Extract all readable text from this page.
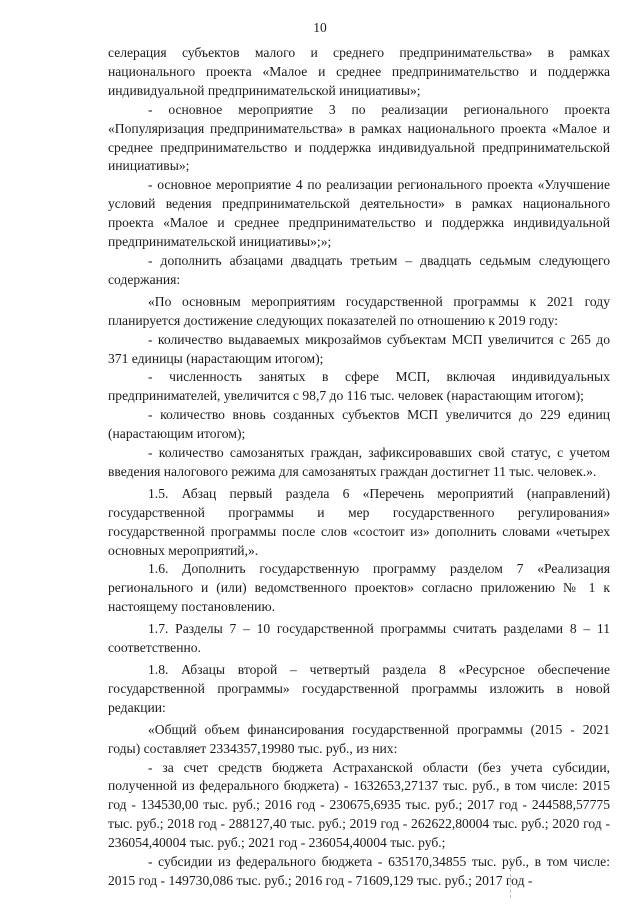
10

селерация субъектов малого и среднего предпринимательства» в рамках национального проекта «Малое и среднее предпринимательство и поддержка индивидуальной предпринимательской инициативы»;

- основное мероприятие 3 по реализации регионального проекта «Популяризация предпринимательства» в рамках национального проекта «Малое и среднее предпринимательство и поддержка индивидуальной предпринимательской инициативы»;

- основное мероприятие 4 по реализации регионального проекта «Улучшение условий ведения предпринимательской деятельности» в рамках национального проекта «Малое и среднее предпринимательство и поддержка индивидуальной предпринимательской инициативы»;»;

- дополнить абзацами двадцать третьим – двадцать седьмым следующего содержания:

«По основным мероприятиям государственной программы к 2021 году планируется достижение следующих показателей по отношению к 2019 году:

- количество выдаваемых микрозаймов субъектам МСП увеличится с 265 до 371 единицы (нарастающим итогом);

- численность занятых в сфере МСП, включая индивидуальных предпринимателей, увеличится с 98,7 до 116 тыс. человек (нарастающим итогом);

- количество вновь созданных субъектов МСП увеличится до 229 единиц (нарастающим итогом);

- количество самозанятых граждан, зафиксировавших свой статус, с учетом введения налогового режима для самозанятых граждан достигнет 11 тыс. человек.».

1.5. Абзац первый раздела 6 «Перечень мероприятий (направлений) государственной программы и мер государственного регулирования» государственной программы после слов «состоит из» дополнить словами «четырех основных мероприятий,».

1.6. Дополнить государственную программу разделом 7 «Реализация регионального и (или) ведомственного проектов» согласно приложению № 1 к настоящему постановлению.

1.7. Разделы 7 – 10 государственной программы считать разделами 8 – 11 соответственно.

1.8. Абзацы второй – четвертый раздела 8 «Ресурсное обеспечение государственной программы» государственной программы изложить в новой редакции:

«Общий объем финансирования государственной программы (2015 - 2021 годы) составляет 2334357,19980 тыс. руб., из них:

- за счет средств бюджета Астраханской области (без учета субсидии, полученной из федерального бюджета) - 1632653,27137 тыс. руб., в том числе: 2015 год - 134530,00 тыс. руб.; 2016 год - 230675,6935 тыс. руб.; 2017 год - 244588,57775 тыс. руб.; 2018 год - 288127,40 тыс. руб.; 2019 год - 262622,80004 тыс. руб.; 2020 год - 236054,40004 тыс. руб.; 2021 год - 236054,40004 тыс. руб.;

- субсидии из федерального бюджета - 635170,34855 тыс. руб., в том числе: 2015 год - 149730,086 тыс. руб.; 2016 год - 71609,129 тыс. руб.; 2017 год -
